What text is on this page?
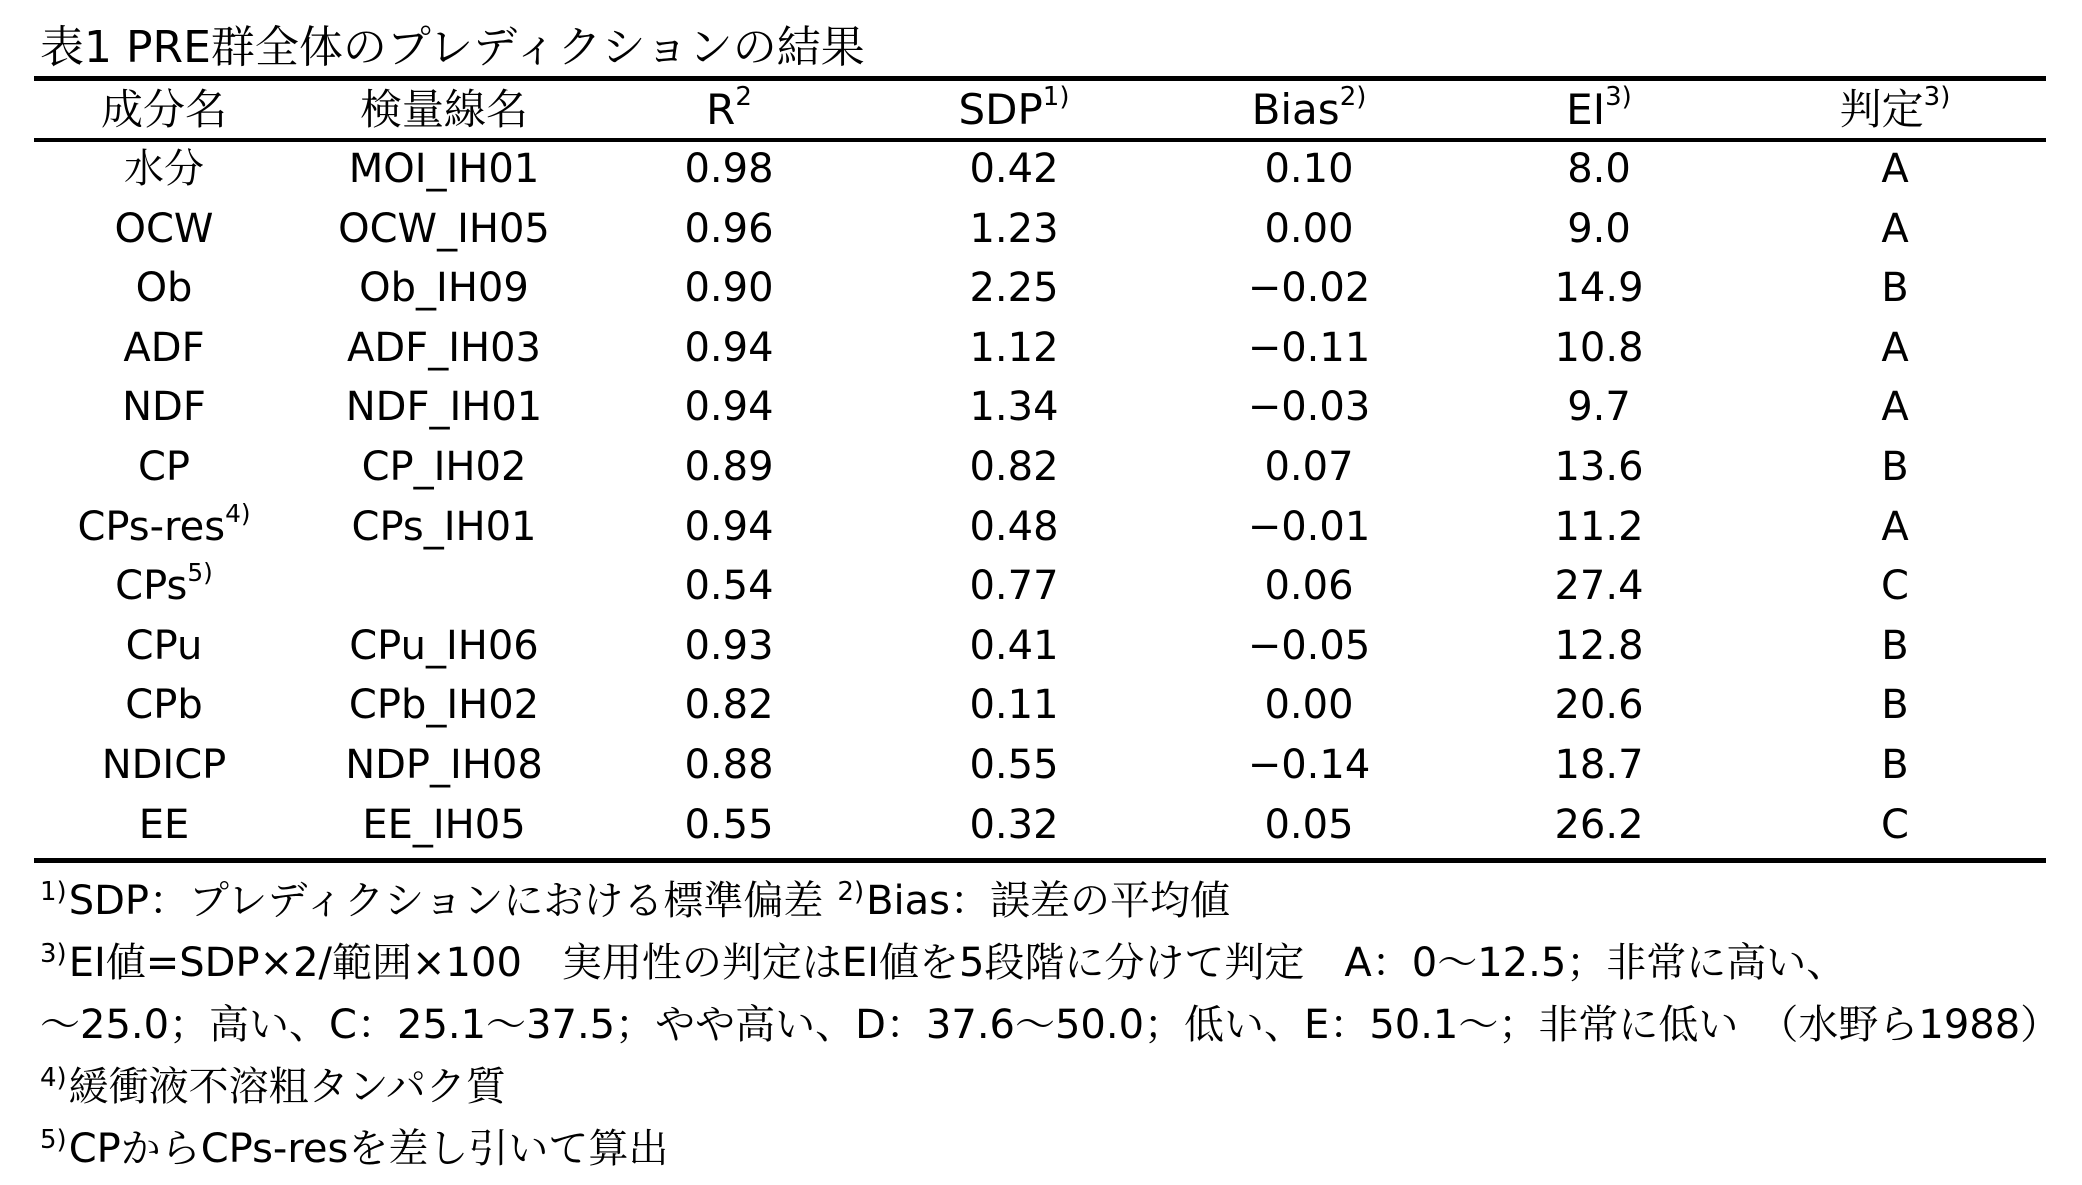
表1 PRE群全体のプレディクションの結果
成分名	検量線名	$R^2$	SDP$^{1)}$	Bias$^{2)}$	EI$^{3)}$	判定$^{3)}$
水分	MOI_IH01	0.98	0.42	0.10	8.0	A
OCW	OCW_IH05	0.96	1.23	0.00	9.0	A
Ob	Ob_IH09	0.90	2.25	−0.02	14.9	B
ADF	ADF_IH03	0.94	1.12	−0.11	10.8	A
NDF	NDF_IH01	0.94	1.34	−0.03	9.7	A
CP	CP_IH02	0.89	0.82	0.07	13.6	B
CPs-res$^{4)}$	CPs_IH01	0.94	0.48	−0.01	11.2	A
CPs$^{5)}$		0.54	0.77	0.06	27.4	C
CPu	CPu_IH06	0.93	0.41	−0.05	12.8	B
CPb	CPb_IH02	0.82	0.11	0.00	20.6	B
NDICP	NDP_IH08	0.88	0.55	−0.14	18.7	B
EE	EE_IH05	0.55	0.32	0.05	26.2	C
$^{1)}$SDP：プレディクションにおける標準偏差 $^{2)}$Bias：誤差の平均値
$^{3)}$EI値=SDP×2/範囲×100　実用性の判定はEI値を5段階に分けて判定　A：0～12.5；非常に高い、
～25.0；高い、C：25.1～37.5；やや高い、D：37.6～50.0；低い、E：50.1～；非常に低い　（水野ら1988）
$^{4)}$緩衝液不溶粗タンパク質
$^{5)}$CPからCPs-resを差し引いて算出
